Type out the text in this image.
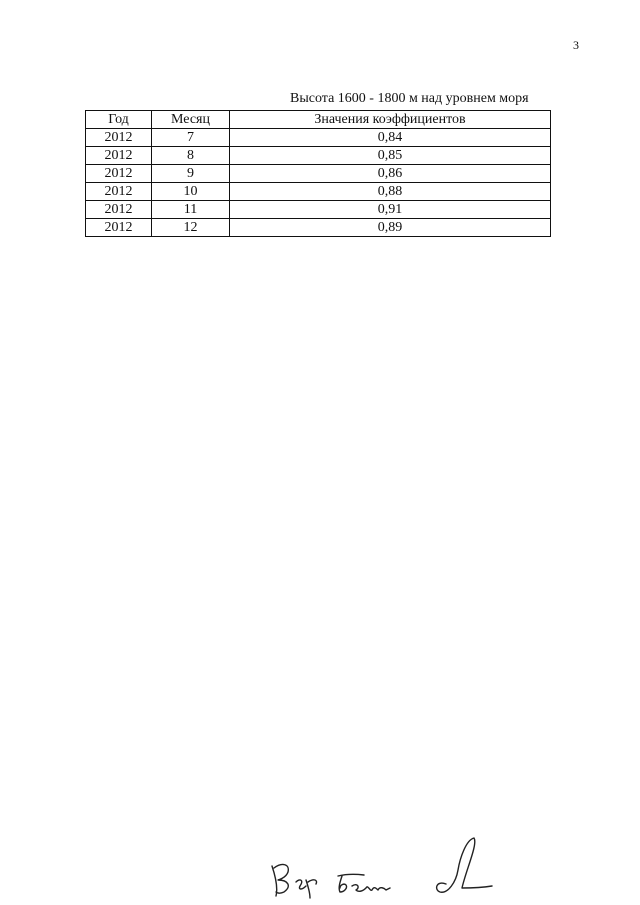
3
Высота 1600 - 1800 м над уровнем моря
Год	Месяц	Значения коэффициентов
2012	7	0,84
2012	8	0,85
2012	9	0,86
2012	10	0,88
2012	11	0,91
2012	12	0,89
